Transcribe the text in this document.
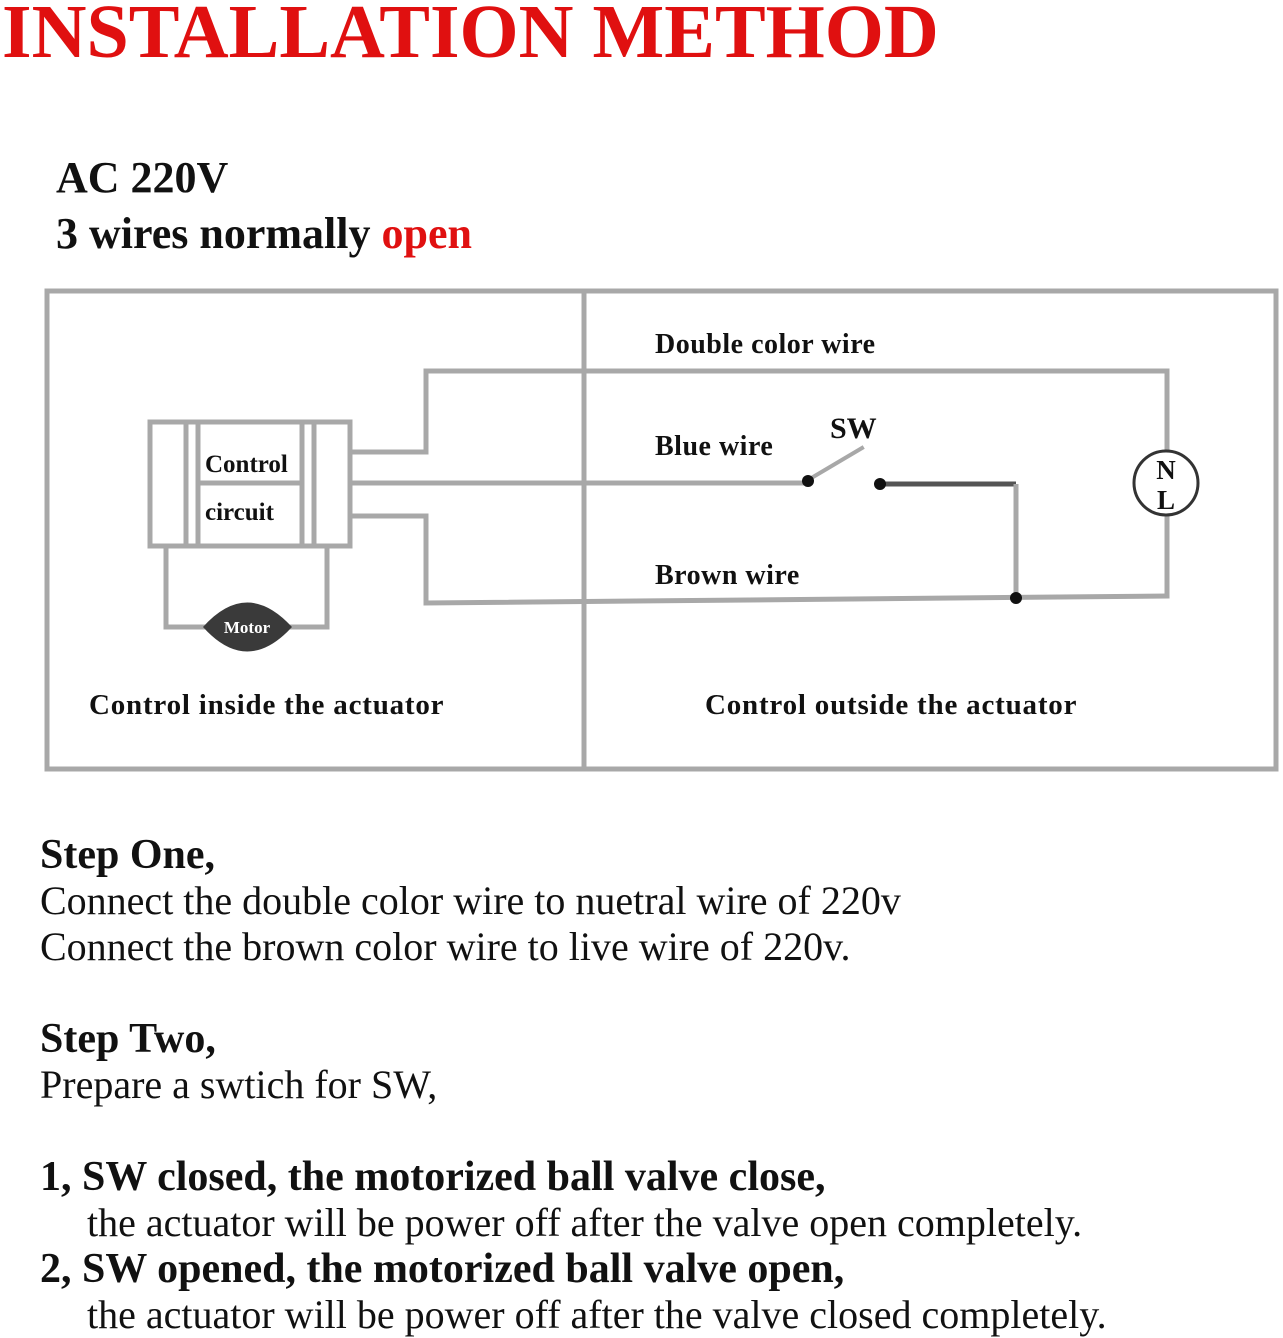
INSTALLATION METHOD
AC 220V
3 wires normally open
N
L
Motor
Control
circuit
Double color wire
Blue wire
SW
Brown wire
Control inside the actuator	Control outside the actuator
Step One,
Connect the double color wire to nuetral wire of 220v
Connect the brown color wire to live wire of 220v.
Step Two,
Prepare a swtich for SW,
1, SW closed, the motorized ball valve close,
the actuator will be power off after the valve open completely.
2, SW opened, the motorized ball valve open,
the actuator will be power off after the valve closed completely.
